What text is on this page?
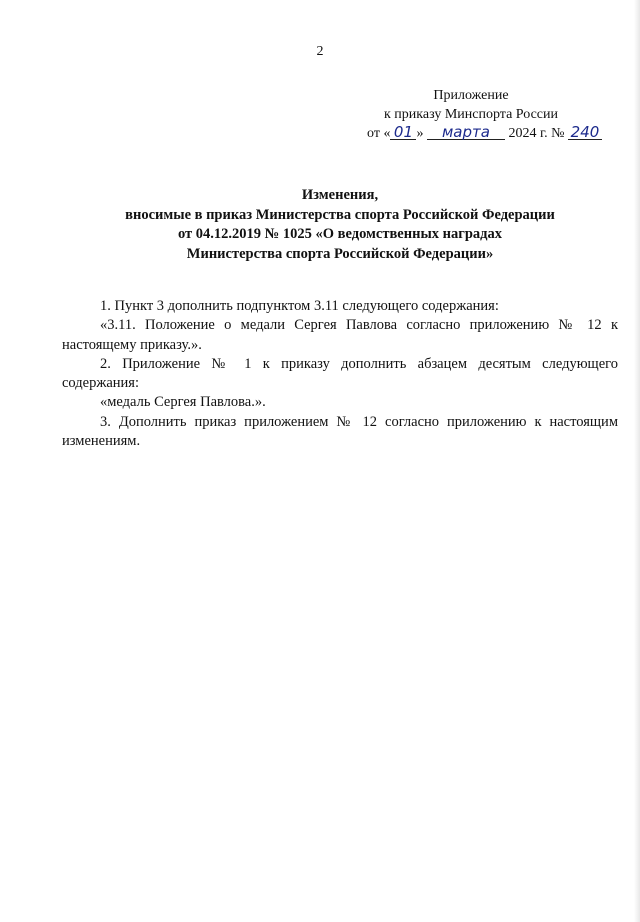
2
Приложение
к приказу Минспорта России
от « 01 » марта 2024 г. № 240
Изменения,
вносимые в приказ Министерства спорта Российской Федерации
от 04.12.2019 № 1025 «О ведомственных наградах
Министерства спорта Российской Федерации»

1. Пункт 3 дополнить подпунктом 3.11 следующего содержания:

«3.11. Положение о медали Сергея Павлова согласно приложению № 12 к настоящему приказу.».

2. Приложение № 1 к приказу дополнить абзацем десятым следующего содержания:

«медаль Сергея Павлова.».

3. Дополнить приказ приложением № 12 согласно приложению к настоящим изменениям.
